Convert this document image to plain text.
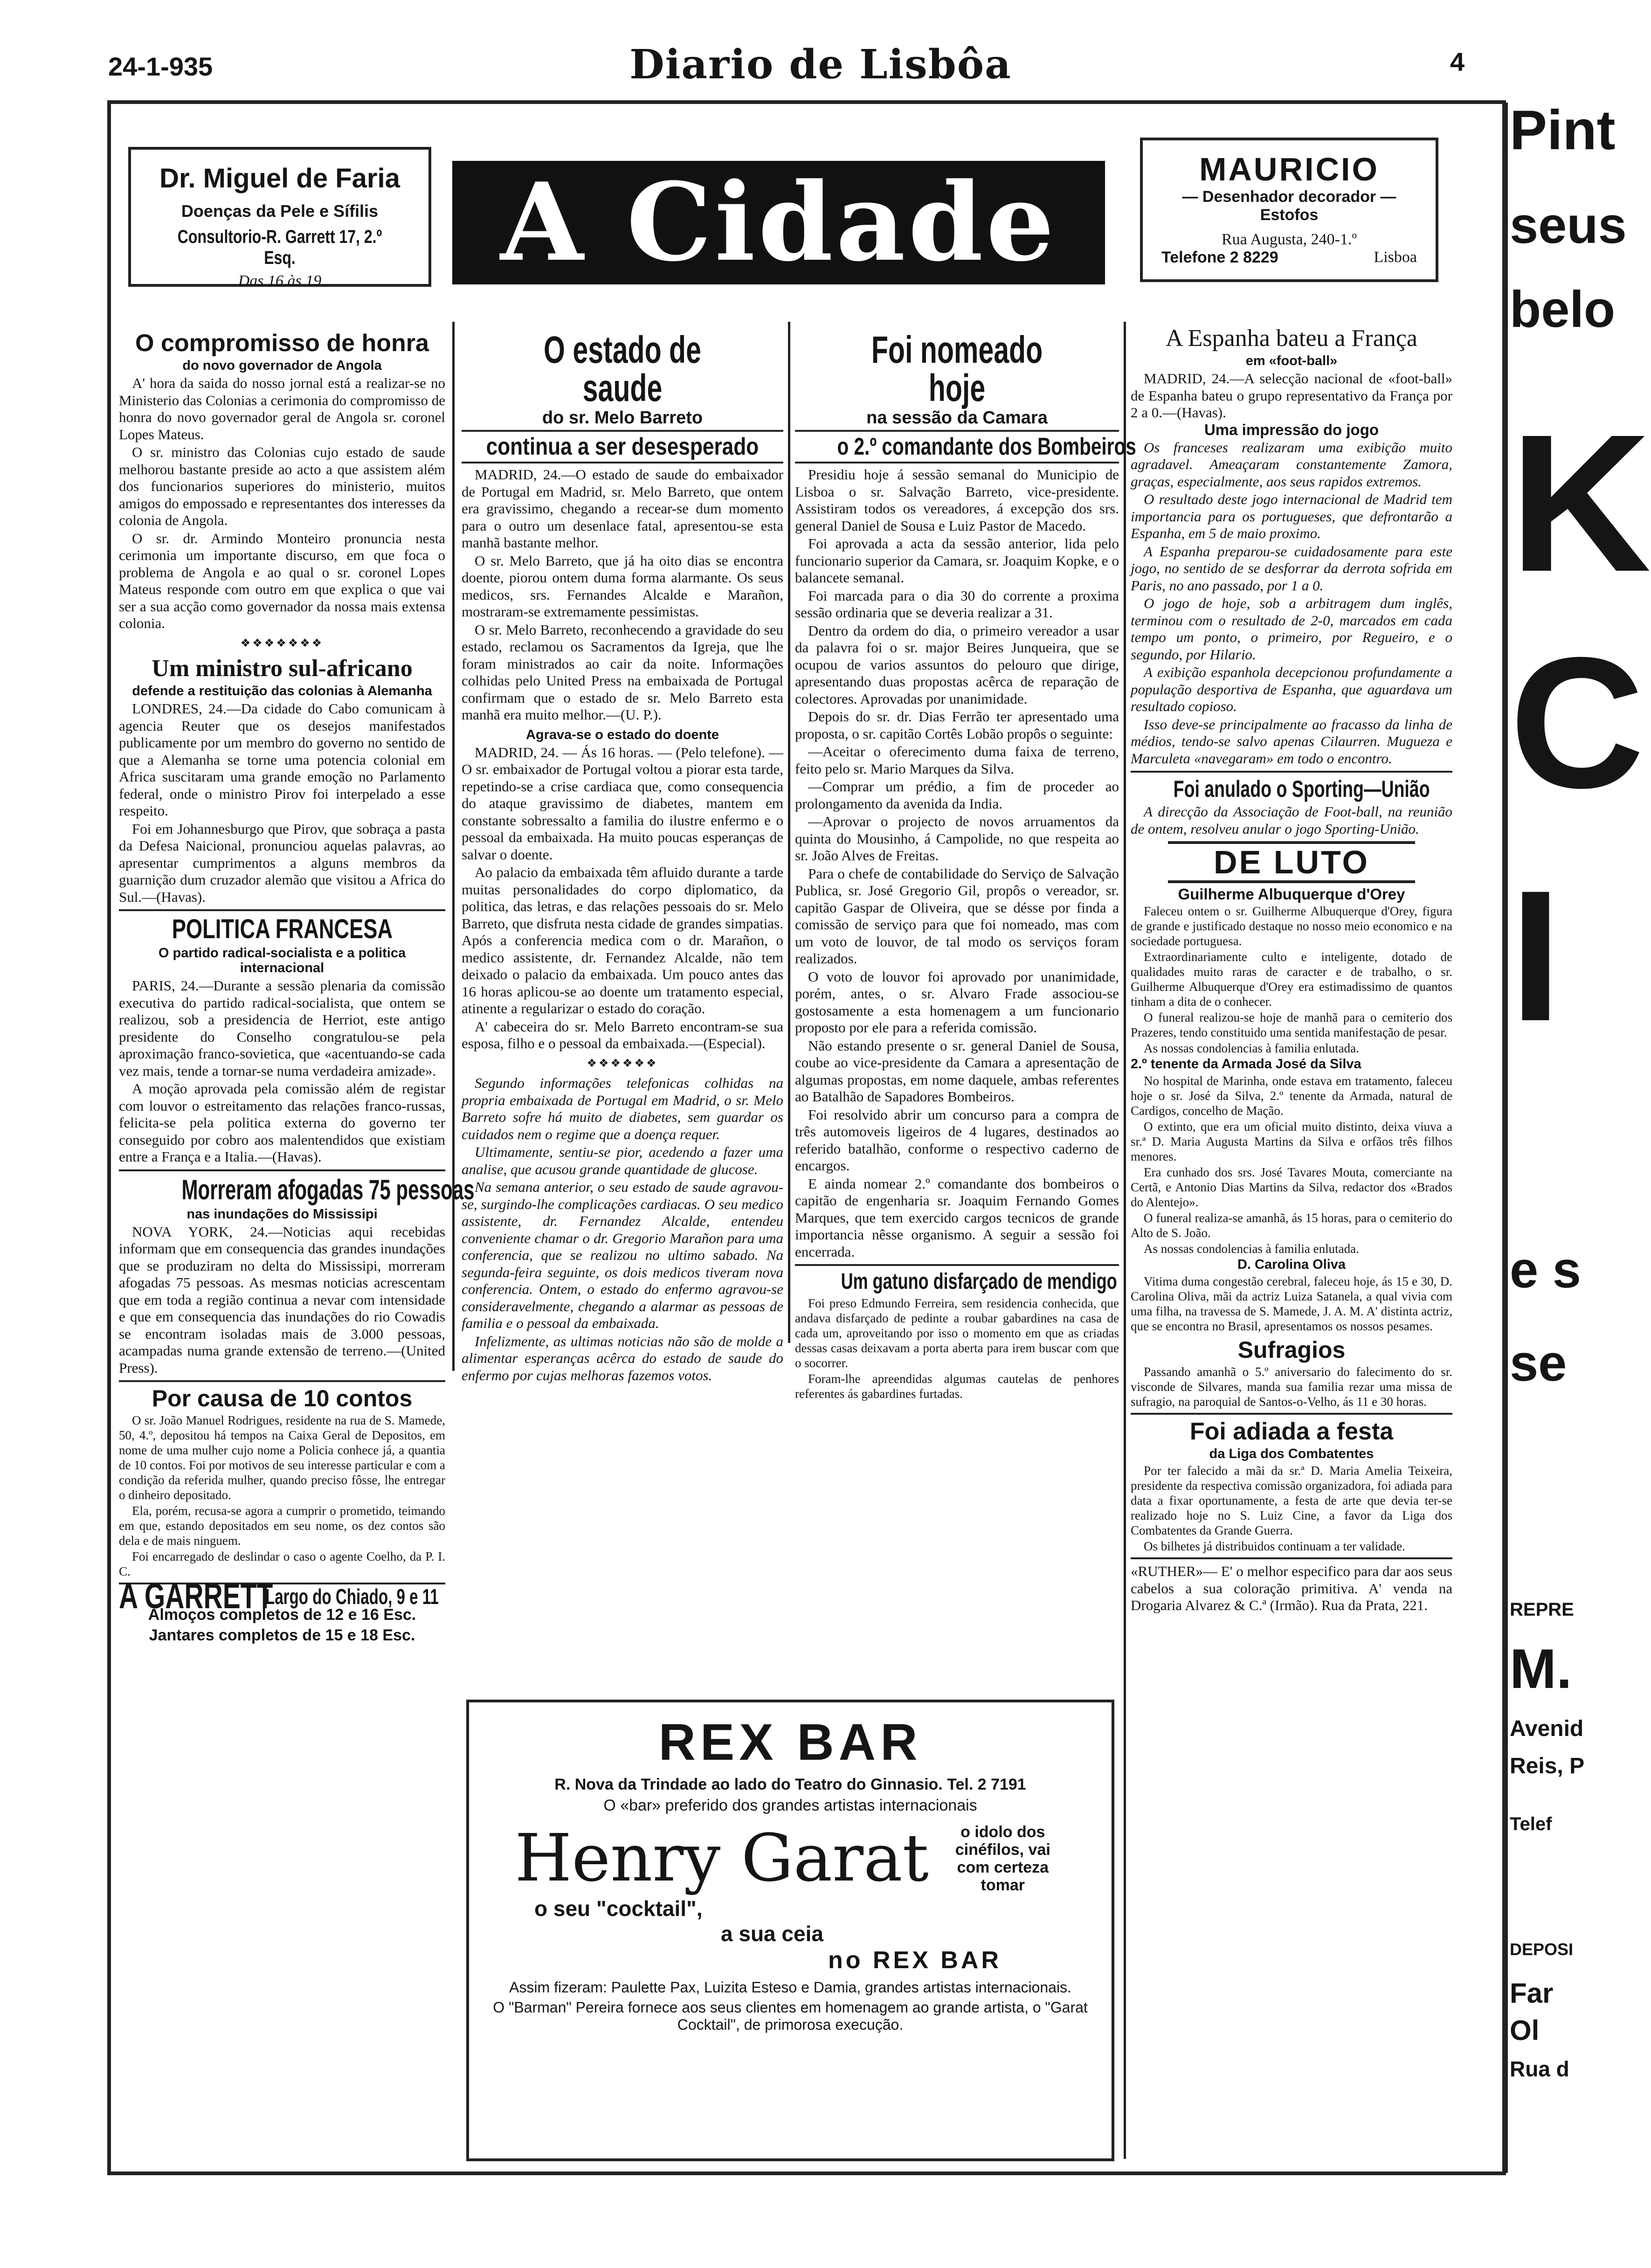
24-1-935	Diario de Lisbôa	4
Dr. Miguel de Faria
Doenças da Pele e Sífilis
Consultorio-R. Garrett 17, 2.º Esq.
Das 16 às 19	A Cidade	MAURICIO
— Desenhador decorador —
Estofos
Rua Augusta, 240-1.º
Telefone 2 8229	Lisboa
O compromisso de honra
do novo governador de Angola

A' hora da saida do nosso jornal está a realizar-se no Ministerio das Colonias a cerimonia do compromisso de honra do novo governador geral de Angola sr. coronel Lopes Mateus.

O sr. ministro das Colonias cujo estado de saude melhorou bastante preside ao acto a que assistem além dos funcionarios superiores do ministerio, muitos amigos do empossado e representantes dos interesses da colonia de Angola.

O sr. dr. Armindo Monteiro pronuncia nesta cerimonia um importante discurso, em que foca o problema de Angola e ao qual o sr. coronel Lopes Mateus responde com outro em que explica o que vai ser a sua acção como governador da nossa mais extensa colonia.

❖❖❖❖❖❖❖
Um ministro sul-africano
defende a restituição das colonias à Alemanha

LONDRES, 24.—Da cidade do Cabo comunicam à agencia Reuter que os desejos manifestados publicamente por um membro do governo no sentido de que a Alemanha se torne uma potencia colonial em Africa suscitaram uma grande emoção no Parlamento federal, onde o ministro Pirov foi interpelado a esse respeito.

Foi em Johannesburgo que Pirov, que sobraça a pasta da Defesa Naicional, pronunciou aquelas palavras, ao apresentar cumprimentos a alguns membros da guarnição dum cruzador alemão que visitou a Africa do Sul.—(Havas).

POLITICA FRANCESA
O partido radical-socialista e a politica internacional

PARIS, 24.—Durante a sessão plenaria da comissão executiva do partido radical-socialista, que ontem se realizou, sob a presidencia de Herriot, este antigo presidente do Conselho congratulou-se pela aproximação franco-sovietica, que «acentuando-se cada vez mais, tende a tornar-se numa verdadeira amizade».

A moção aprovada pela comissão além de registar com louvor o estreitamento das relações franco-russas, felicita-se pela politica externa do governo ter conseguido por cobro aos malentendidos que existiam entre a França e a Italia.—(Havas).

Morreram afogadas 75 pessoas
nas inundações do Mississipi

NOVA YORK, 24.—Noticias aqui recebidas informam que em consequencia das grandes inundações que se produziram no delta do Mississipi, morreram afogadas 75 pessoas. As mesmas noticias acrescentam que em toda a região continua a nevar com intensidade e que em consequencia das inundações do rio Cowadis se encontram isoladas mais de 3.000 pessoas, acampadas numa grande extensão de terreno.—(United Press).

Por causa de 10 contos

O sr. João Manuel Rodrigues, residente na rua de S. Mamede, 50, 4.º, depositou há tempos na Caixa Geral de Depositos, em nome de uma mulher cujo nome a Policia conhece já, a quantia de 10 contos. Foi por motivos de seu interesse particular e com a condição da referida mulher, quando preciso fôsse, lhe entregar o dinheiro depositado.

Ela, porém, recusa-se agora a cumprir o prometido, teimando em que, estando depositados em seu nome, os dez contos são dela e de mais ninguem.

Foi encarregado de deslindar o caso o agente Coelho, da P. I. C.

A GARRETT
Largo do Chiado, 9 e 11
Almoços completos de 12 e 16 Esc.
Jantares completos de 15 e 18 Esc.
O estado de saude
do sr. Melo Barreto
continua a ser desesperado

MADRID, 24.—O estado de saude do embaixador de Portugal em Madrid, sr. Melo Barreto, que ontem era gravissimo, chegando a recear-se dum momento para o outro um desenlace fatal, apresentou-se esta manhã bastante melhor.

O sr. Melo Barreto, que já ha oito dias se encontra doente, piorou ontem duma forma alarmante. Os seus medicos, srs. Fernandes Alcalde e Marañon, mostraram-se extremamente pessimistas.

O sr. Melo Barreto, reconhecendo a gravidade do seu estado, reclamou os Sacramentos da Igreja, que lhe foram ministrados ao cair da noite. Informações colhidas pelo United Press na embaixada de Portugal confirmam que o estado de sr. Melo Barreto esta manhã era muito melhor.—(U. P.).

Agrava-se o estado do doente

MADRID, 24. — Ás 16 horas. — (Pelo telefone). — O sr. embaixador de Portugal voltou a piorar esta tarde, repetindo-se a crise cardiaca que, como consequencia do ataque gravissimo de diabetes, mantem em constante sobressalto a familia do ilustre enfermo e o pessoal da embaixada. Ha muito poucas esperanças de salvar o doente.

Ao palacio da embaixada têm afluido durante a tarde muitas personalidades do corpo diplomatico, da politica, das letras, e das relações pessoais do sr. Melo Barreto, que disfruta nesta cidade de grandes simpatias. Após a conferencia medica com o dr. Marañon, o medico assistente, dr. Fernandez Alcalde, não tem deixado o palacio da embaixada. Um pouco antes das 16 horas aplicou-se ao doente um tratamento especial, atinente a regularizar o estado do coração.

A' cabeceira do sr. Melo Barreto encontram-se sua esposa, filho e o pessoal da embaixada.—(Especial).

❖❖❖❖❖❖

Segundo informações telefonicas colhidas na propria embaixada de Portugal em Madrid, o sr. Melo Barreto sofre há muito de diabetes, sem guardar os cuidados nem o regime que a doença requer.

Ultimamente, sentiu-se pior, acedendo a fazer uma analise, que acusou grande quantidade de glucose.

Na semana anterior, o seu estado de saude agravou-se, surgindo-lhe complicações cardiacas. O seu medico assistente, dr. Fernandez Alcalde, entendeu conveniente chamar o dr. Gregorio Marañon para uma conferencia, que se realizou no ultimo sabado. Na segunda-feira seguinte, os dois medicos tiveram nova conferencia. Ontem, o estado do enfermo agravou-se consideravelmente, chegando a alarmar as pessoas de familia e o pessoal da embaixada.

Infelizmente, as ultimas noticias não são de molde a alimentar esperanças acêrca do estado de saude do enfermo por cujas melhoras fazemos votos.

Foi nomeado hoje
na sessão da Camara
o 2.º comandante dos Bombeiros

Presidiu hoje á sessão semanal do Municipio de Lisboa o sr. Salvação Barreto, vice-presidente. Assistiram todos os vereadores, á excepção dos srs. general Daniel de Sousa e Luiz Pastor de Macedo.

Foi aprovada a acta da sessão anterior, lida pelo funcionario superior da Camara, sr. Joaquim Kopke, e o balancete semanal.

Foi marcada para o dia 30 do corrente a proxima sessão ordinaria que se deveria realizar a 31.

Dentro da ordem do dia, o primeiro vereador a usar da palavra foi o sr. major Beires Junqueira, que se ocupou de varios assuntos do pelouro que dirige, apresentando duas propostas acêrca de reparação de colectores. Aprovadas por unanimidade.

Depois do sr. dr. Dias Ferrão ter apresentado uma proposta, o sr. capitão Cortês Lobão propôs o seguinte:

—Aceitar o oferecimento duma faixa de terreno, feito pelo sr. Mario Marques da Silva.

—Comprar um prédio, a fim de proceder ao prolongamento da avenida da India.

—Aprovar o projecto de novos arruamentos da quinta do Mousinho, á Campolide, no que respeita ao sr. João Alves de Freitas.

Para o chefe de contabilidade do Serviço de Salvação Publica, sr. José Gregorio Gil, propôs o vereador, sr. capitão Gaspar de Oliveira, que se désse por finda a comissão de serviço para que foi nomeado, mas com um voto de louvor, de tal modo os serviços foram realizados.

O voto de louvor foi aprovado por unanimidade, porém, antes, o sr. Alvaro Frade associou-se gostosamente a esta homenagem a um funcionario proposto por ele para a referida comissão.

Não estando presente o sr. general Daniel de Sousa, coube ao vice-presidente da Camara a apresentação de algumas propostas, em nome daquele, ambas referentes ao Batalhão de Sapadores Bombeiros.

Foi resolvido abrir um concurso para a compra de três automoveis ligeiros de 4 lugares, destinados ao referido batalhão, conforme o respectivo caderno de encargos.

E ainda nomear 2.º comandante dos bombeiros o capitão de engenharia sr. Joaquim Fernando Gomes Marques, que tem exercido cargos tecnicos de grande importancia nêsse organismo. A seguir a sessão foi encerrada.

Um gatuno disfarçado de mendigo

Foi preso Edmundo Ferreira, sem residencia conhecida, que andava disfarçado de pedinte a roubar gabardines na casa de cada um, aproveitando por isso o momento em que as criadas dessas casas deixavam a porta aberta para irem buscar com que o socorrer.

Foram-lhe apreendidas algumas cautelas de penhores referentes ás gabardines furtadas.

A Espanha bateu a França
em «foot-ball»

MADRID, 24.—A selecção nacional de «foot-ball» de Espanha bateu o grupo representativo da França por 2 a 0.—(Havas).

Uma impressão do jogo

Os franceses realizaram uma exibição muito agradavel. Ameaçaram constantemente Zamora, graças, especialmente, aos seus rapidos extremos.

O resultado deste jogo internacional de Madrid tem importancia para os portugueses, que defrontarão a Espanha, em 5 de maio proximo.

A Espanha preparou-se cuidadosamente para este jogo, no sentido de se desforrar da derrota sofrida em Paris, no ano passado, por 1 a 0.

O jogo de hoje, sob a arbitragem dum inglês, terminou com o resultado de 2-0, marcados em cada tempo um ponto, o primeiro, por Regueiro, e o segundo, por Hilario.

A exibição espanhola decepcionou profundamente a população desportiva de Espanha, que aguardava um resultado copioso.

Isso deve-se principalmente ao fracasso da linha de médios, tendo-se salvo apenas Cilaurren. Mugueza e Marculeta «navegaram» em todo o encontro.

Foi anulado o Sporting—União

A direcção da Associação de Foot-ball, na reunião de ontem, resolveu anular o jogo Sporting-União.

DE LUTO
Guilherme Albuquerque d'Orey

Faleceu ontem o sr. Guilherme Albuquerque d'Orey, figura de grande e justificado destaque no nosso meio economico e na sociedade portuguesa.

Extraordinariamente culto e inteligente, dotado de qualidades muito raras de caracter e de trabalho, o sr. Guilherme Albuquerque d'Orey era estimadissimo de quantos tinham a dita de o conhecer.

O funeral realizou-se hoje de manhã para o cemiterio dos Prazeres, tendo constituido uma sentida manifestação de pesar.

As nossas condolencias à familia enlutada.

2.º tenente da Armada José da Silva

No hospital de Marinha, onde estava em tratamento, faleceu hoje o sr. José da Silva, 2.º tenente da Armada, natural de Cardigos, concelho de Mação.

O extinto, que era um oficial muito distinto, deixa viuva a sr.ª D. Maria Augusta Martins da Silva e orfãos três filhos menores.

Era cunhado dos srs. José Tavares Mouta, comerciante na Certã, e Antonio Dias Martins da Silva, redactor dos «Brados do Alentejo».

O funeral realiza-se amanhã, ás 15 horas, para o cemiterio do Alto de S. João.

As nossas condolencias à familia enlutada.

D. Carolina Oliva

Vitima duma congestão cerebral, faleceu hoje, ás 15 e 30, D. Carolina Oliva, mãi da actriz Luiza Satanela, a qual vivia com uma filha, na travessa de S. Mamede, J. A. M. A' distinta actriz, que se encontra no Brasil, apresentamos os nossos pesames.

Sufragios

Passando amanhã o 5.º aniversario do falecimento do sr. visconde de Silvares, manda sua familia rezar uma missa de sufragio, na paroquial de Santos-o-Velho, ás 11 e 30 horas.

Foi adiada a festa
da Liga dos Combatentes

Por ter falecido a mãi da sr.ª D. Maria Amelia Teixeira, presidente da respectiva comissão organizadora, foi adiada para data a fixar oportunamente, a festa de arte que devia ter-se realizado hoje no S. Luiz Cine, a favor da Liga dos Combatentes da Grande Guerra.

Os bilhetes já distribuidos continuam a ter validade.

«RUTHER»— E' o melhor especifico para dar aos seus cabelos a sua coloração primitiva. A' venda na Drogaria Alvarez & C.ª (Irmão). Rua da Prata, 221.

REX BAR
R. Nova da Trindade ao lado do Teatro do Ginnasio. Tel. 2 7191
O «bar» preferido dos grandes artistas internacionais
Henry Garat	o idolo dos cinéfilos, vai com certeza tomar
o seu "cocktail",
a sua ceia
no REX BAR
Assim fizeram: Paulette Pax, Luizita Esteso e Damia, grandes artistas internacionais.
O "Barman" Pereira fornece aos seus clientes em homenagem ao grande artista, o "Garat Cocktail", de primorosa execução.
Pint
seus
belo
K
C
I
e s
se
REPRE
M.
Avenid
Reis, P
Telef
DEPOSI
Far
Ol
Rua d
